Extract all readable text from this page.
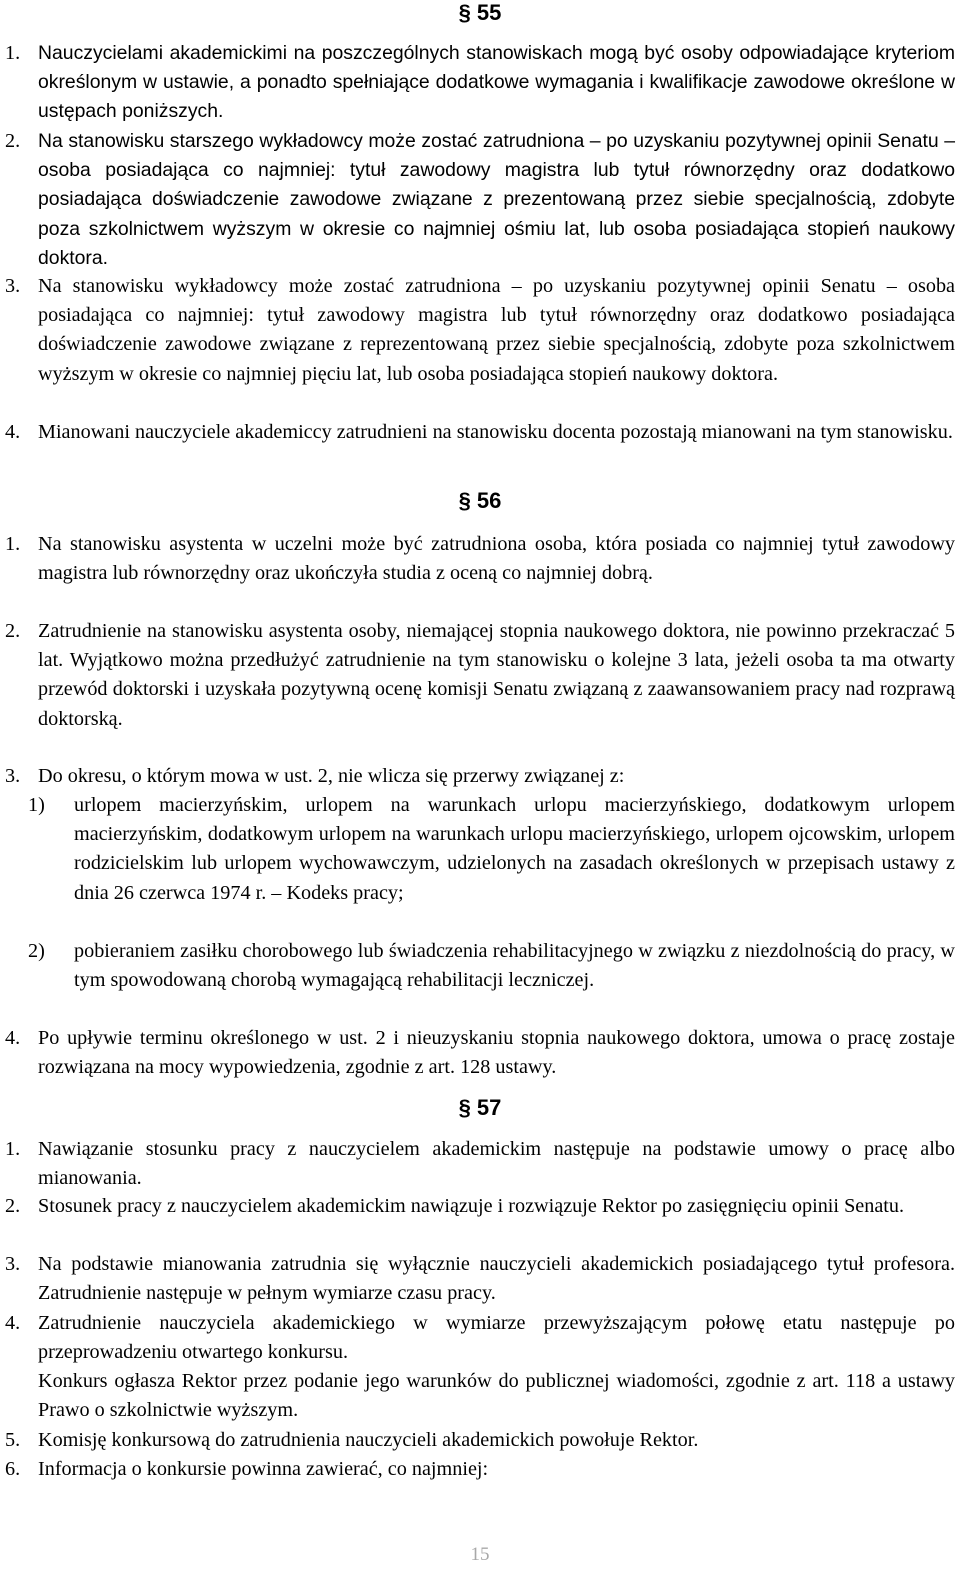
§ 55
1. Nauczycielami akademickimi na poszczególnych stanowiskach mogą być osoby odpowiadające kryteriom określonym w ustawie, a ponadto spełniające dodatkowe wymagania i kwalifikacje zawodowe określone w ustępach poniższych.
2. Na stanowisku starszego wykładowcy może zostać zatrudniona – po uzyskaniu pozytywnej opinii Senatu – osoba posiadająca co najmniej: tytuł zawodowy magistra lub tytuł równorzędny oraz dodatkowo posiadająca doświadczenie zawodowe związane z prezentowaną przez siebie specjalnością, zdobyte poza szkolnictwem wyższym w okresie co najmniej ośmiu lat, lub osoba posiadająca stopień naukowy doktora.
3. Na stanowisku wykładowcy może zostać zatrudniona – po uzyskaniu pozytywnej opinii Senatu – osoba posiadająca co najmniej: tytuł zawodowy magistra lub tytuł równorzędny oraz dodatkowo posiadająca doświadczenie zawodowe związane z reprezentowaną przez siebie specjalnością, zdobyte poza szkolnictwem wyższym w okresie co najmniej pięciu lat, lub osoba posiadająca stopień naukowy doktora.
4. Mianowani nauczyciele akademiccy zatrudnieni na stanowisku docenta pozostają mianowani na tym stanowisku.
§ 56
1. Na stanowisku asystenta w uczelni może być zatrudniona osoba, która posiada co najmniej tytuł zawodowy magistra lub równorzędny oraz ukończyła studia z oceną co najmniej dobrą.
2. Zatrudnienie na stanowisku asystenta osoby, niemającej stopnia naukowego doktora, nie powinno przekraczać 5 lat. Wyjątkowo można przedłużyć zatrudnienie na tym stanowisku o kolejne 3 lata, jeżeli osoba ta ma otwarty przewód doktorski i uzyskała pozytywną ocenę komisji Senatu związaną z zaawansowaniem pracy nad rozprawą doktorską.
3. Do okresu, o którym mowa w ust. 2, nie wlicza się przerwy związanej z:
1) urlopem macierzyńskim, urlopem na warunkach urlopu macierzyńskiego, dodatkowym urlopem macierzyńskim, dodatkowym urlopem na warunkach urlopu macierzyńskiego, urlopem ojcowskim, urlopem rodzicielskim lub urlopem wychowawczym, udzielonych na zasadach określonych w przepisach ustawy z dnia 26 czerwca 1974 r. – Kodeks pracy;
2) pobieraniem zasiłku chorobowego lub świadczenia rehabilitacyjnego w związku z niezdolnością do pracy, w tym spowodowaną chorobą wymagającą rehabilitacji leczniczej.
4. Po upływie terminu określonego w ust. 2 i nieuzyskaniu stopnia naukowego doktora, umowa o pracę zostaje rozwiązana na mocy wypowiedzenia, zgodnie z art. 128 ustawy.
§ 57
1. Nawiązanie stosunku pracy z nauczycielem akademickim następuje na podstawie umowy o pracę albo mianowania.
2. Stosunek pracy z nauczycielem akademickim nawiązuje i rozwiązuje Rektor po zasięgnięciu opinii Senatu.
3. Na podstawie mianowania zatrudnia się wyłącznie nauczycieli akademickich posiadającego tytuł profesora. Zatrudnienie następuje w pełnym wymiarze czasu pracy.
4. Zatrudnienie nauczyciela akademickiego w wymiarze przewyższającym połowę etatu następuje po przeprowadzeniu otwartego konkursu.
Konkurs ogłasza Rektor przez podanie jego warunków do publicznej wiadomości, zgodnie z art. 118 a ustawy Prawo o szkolnictwie wyższym.
5. Komisję konkursową do zatrudnienia nauczycieli akademickich powołuje Rektor.
6. Informacja o konkursie powinna zawierać, co najmniej:
15
